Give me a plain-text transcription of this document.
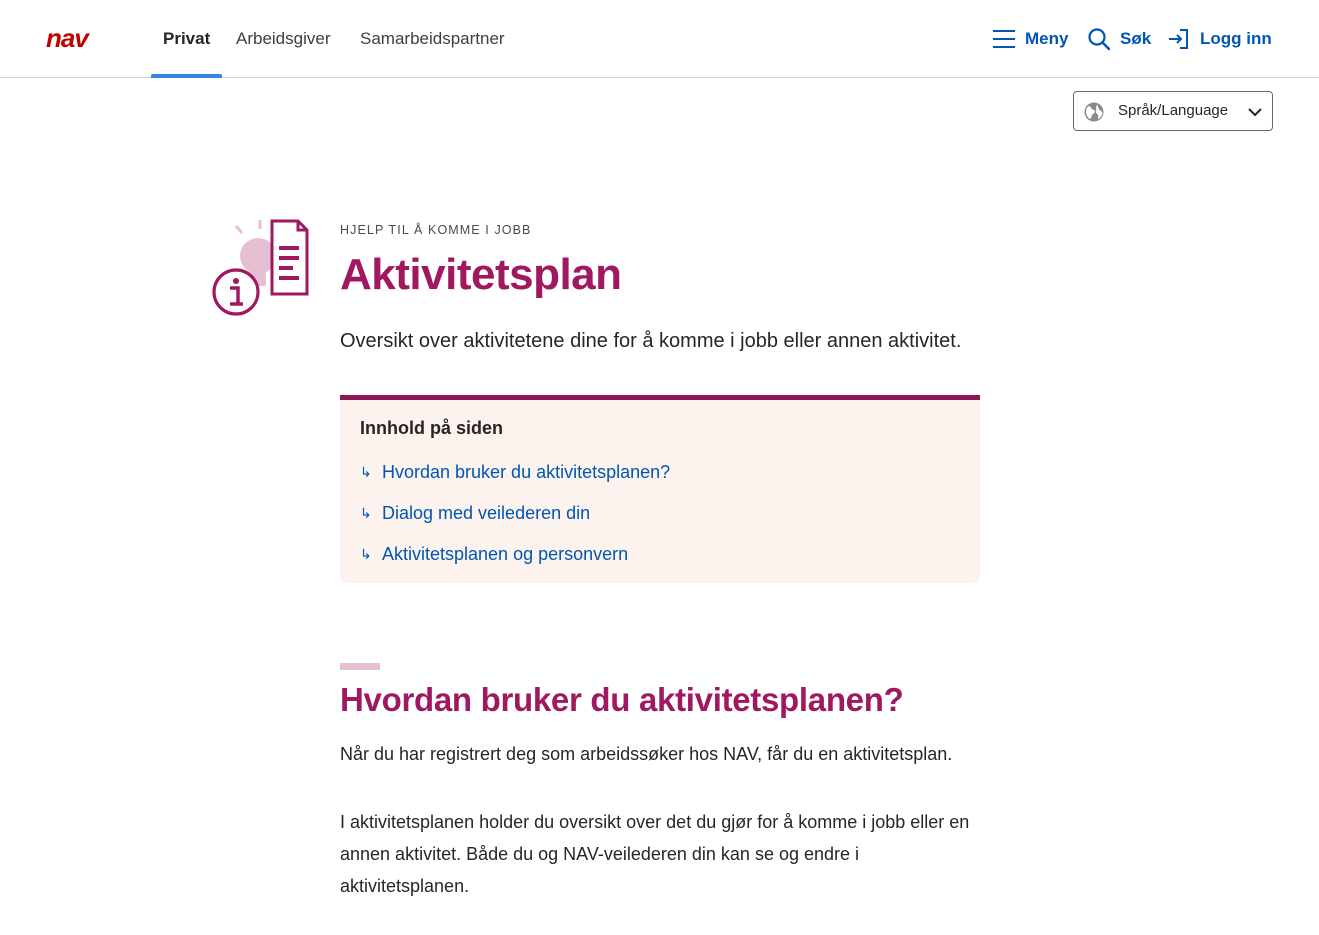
nav	Privat Arbeidsgiver Samarbeidspartner	Meny	Søk	Logg inn
Språk/Language
HJELP TIL Å KOMME I JOBB
Aktivitetsplan

Oversikt over aktivitetene dine for å komme i jobb eller annen aktivitet.

Innhold på siden
↳ Hvordan bruker du aktivitetsplanen?
↳ Dialog med veilederen din
↳ Aktivitetsplanen og personvern
Hvordan bruker du aktivitetsplanen?

Når du har registrert deg som arbeidssøker hos NAV, får du en aktivitetsplan.

I aktivitetsplanen holder du oversikt over det du gjør for å komme i jobb eller en annen aktivitet. Både du og NAV-veilederen din kan se og endre i aktivitetsplanen.
